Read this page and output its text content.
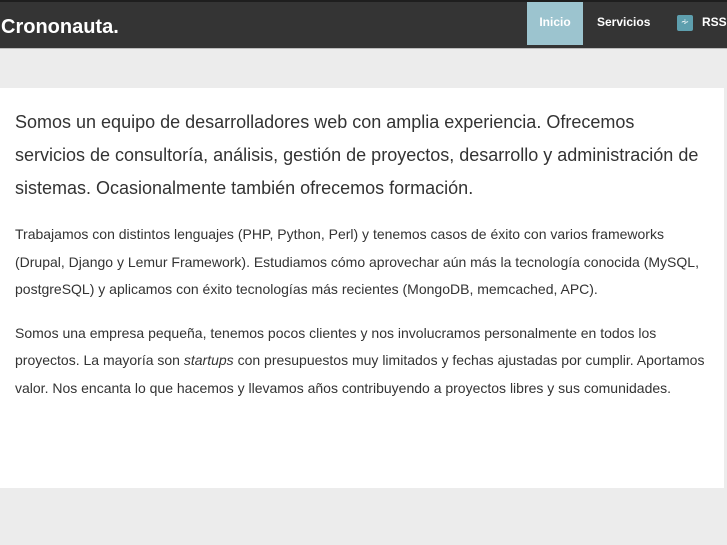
Crononauta.	Inicio	Servicios	∻	RSS

Somos un equipo de desarrolladores web con amplia experiencia. Ofrecemos servicios de consultoría, análisis, gestión de proyectos, desarrollo y administración de sistemas. Ocasionalmente también ofrecemos formación.

Trabajamos con distintos lenguajes (PHP, Python, Perl) y tenemos casos de éxito con varios frameworks (Drupal, Django y Lemur Framework). Estudiamos cómo aprovechar aún más la tecnología conocida (MySQL, postgreSQL) y aplicamos con éxito tecnologías más recientes (MongoDB, memcached, APC).

Somos una empresa pequeña, tenemos pocos clientes y nos involucramos personalmente en todos los proyectos. La mayoría son startups con presupuestos muy limitados y fechas ajustadas por cumplir. Aportamos valor. Nos encanta lo que hacemos y llevamos años contribuyendo a proyectos libres y sus comunidades.
